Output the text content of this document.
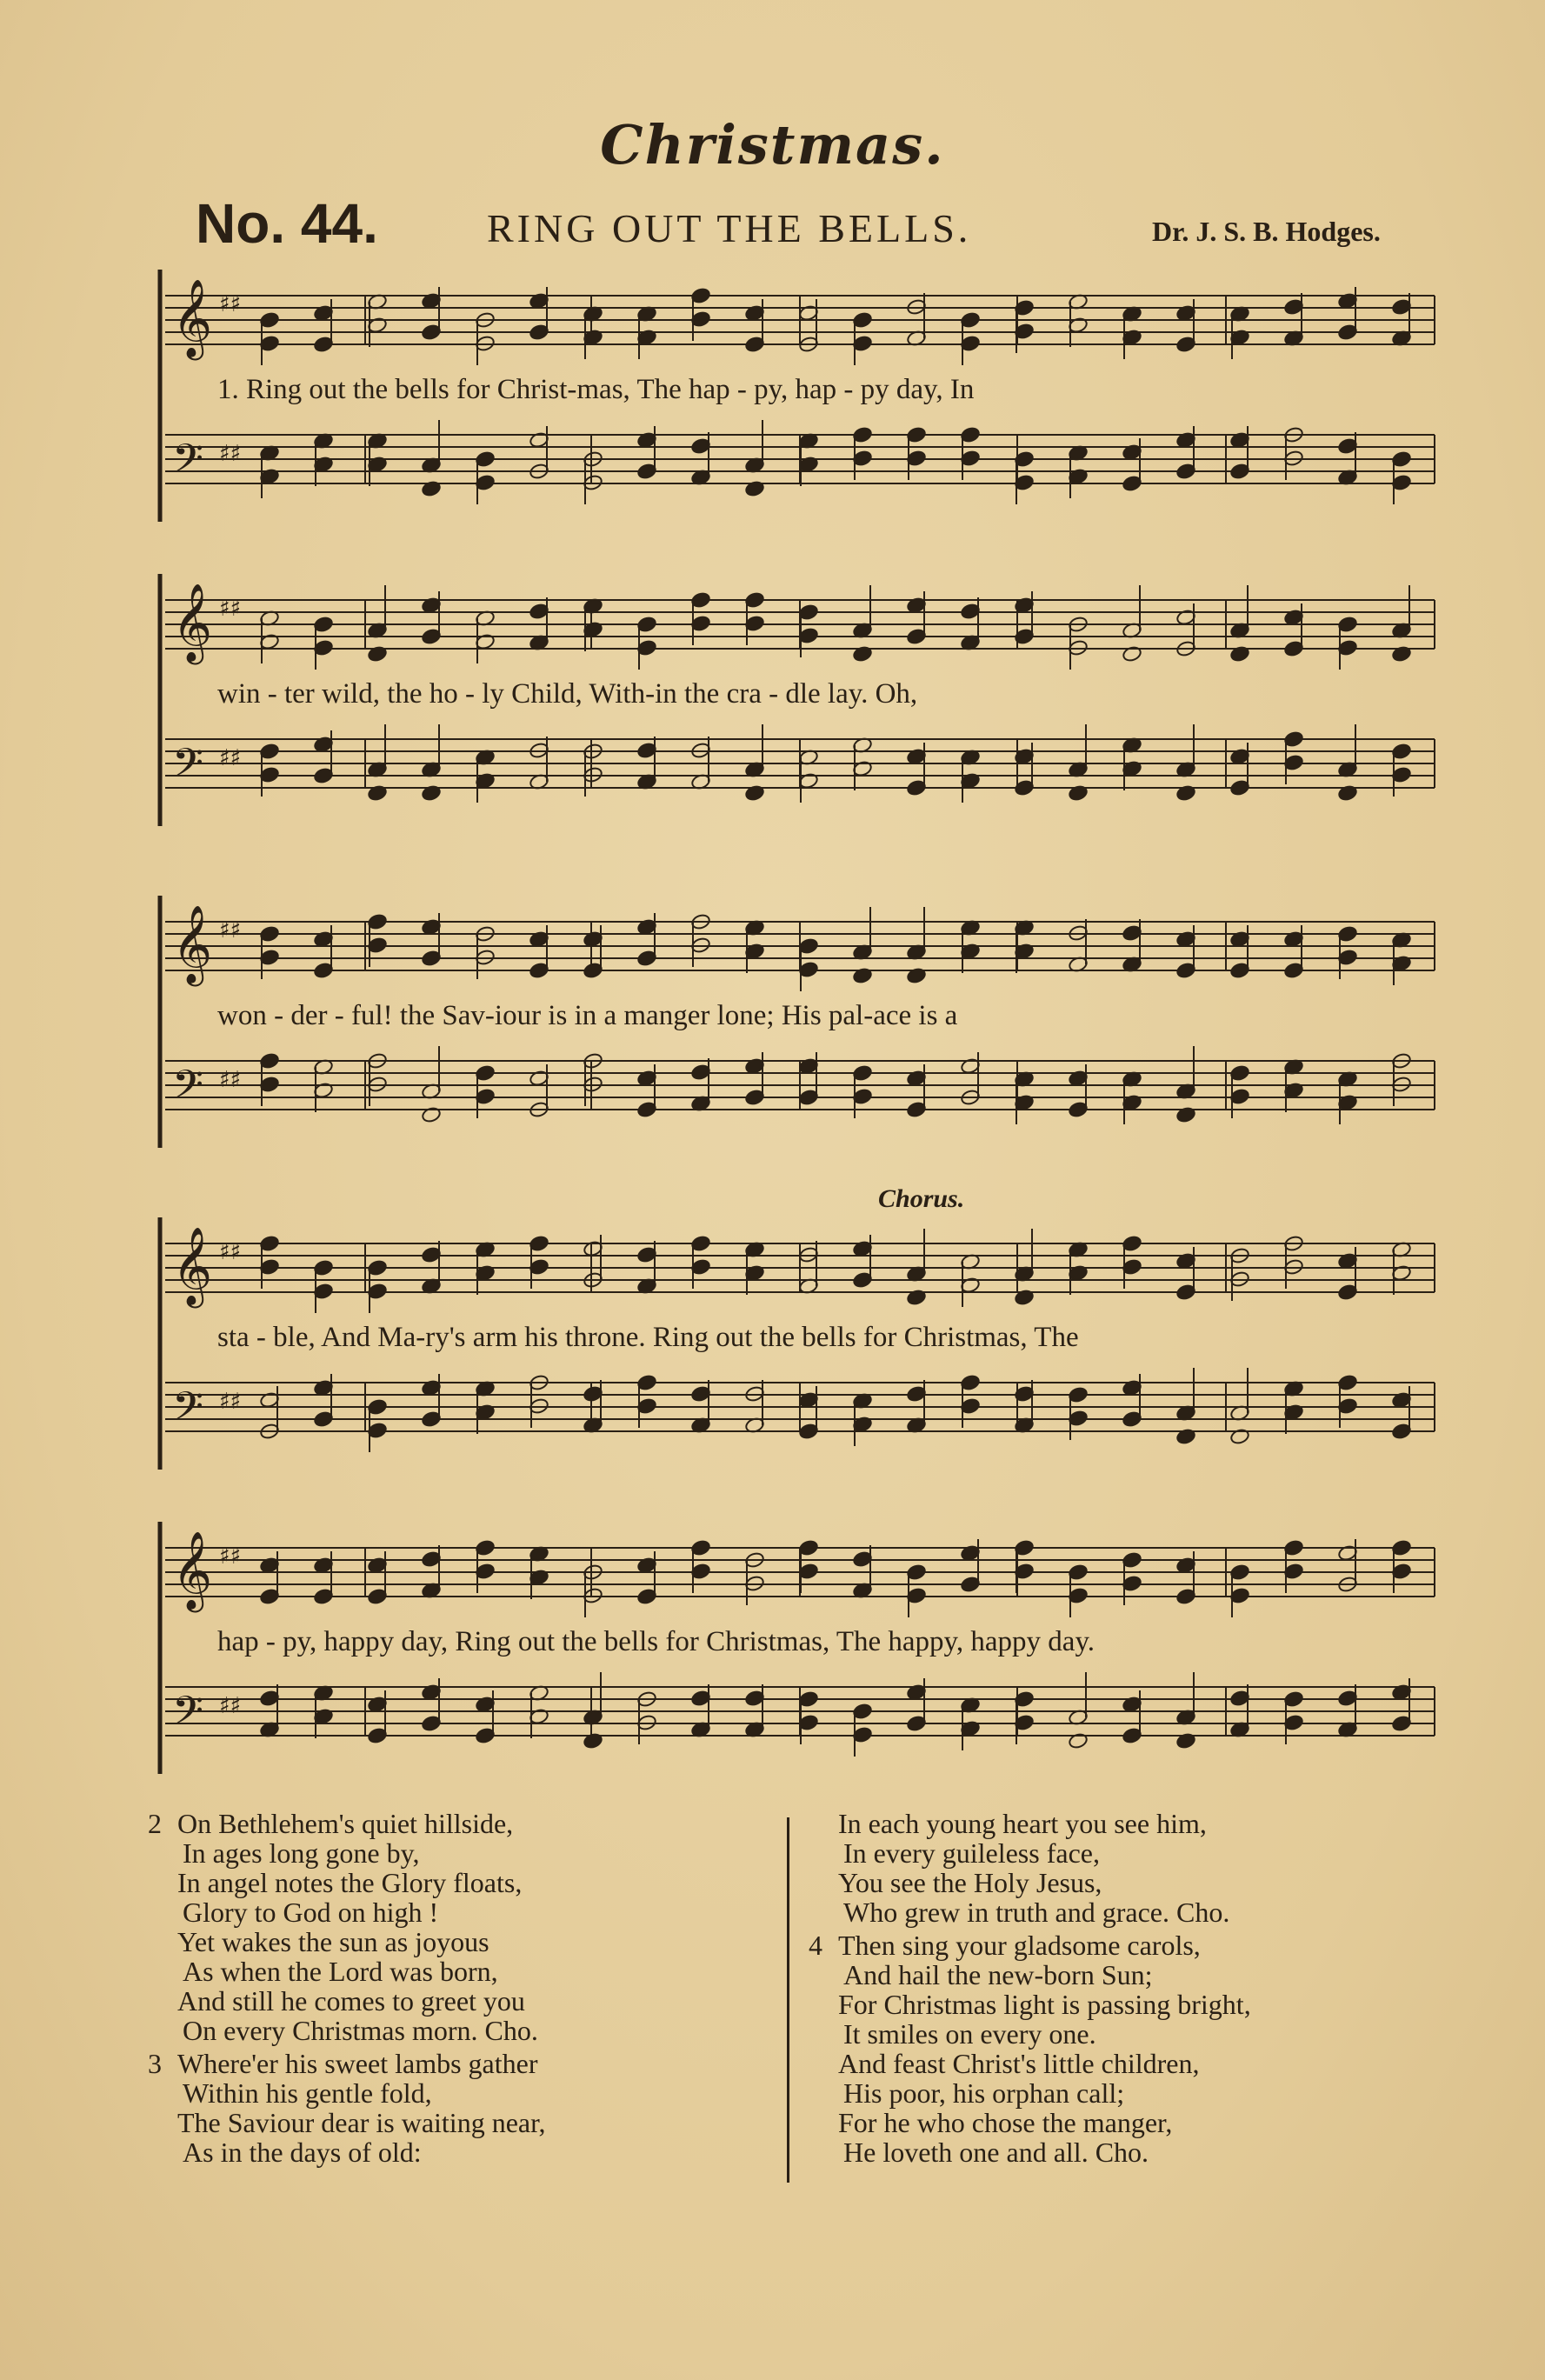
Christmas.
No. 44.	RING OUT THE BELLS.	Dr. J. S. B. Hodges.
𝄞 ♯♯
𝄢 ♯♯
1. Ring out the bells for Christ-mas, The hap - py, hap - py day, In
𝄞 ♯♯
𝄢 ♯♯
win - ter wild, the ho - ly Child, With-in the cra - dle lay. Oh,
𝄞 ♯♯
𝄢 ♯♯
won - der - ful! the Sav-iour is in a manger lone; His pal-ace is a
𝄞 ♯♯
𝄢 ♯♯
sta - ble, And Ma-ry's arm his throne. Ring out the bells for Christmas, The
Chorus.
𝄞 ♯♯
𝄢 ♯♯
hap - py, happy day, Ring out the bells for Christmas, The happy, happy day.
2 On Bethlehem's quiet hillside,
In ages long gone by,
In angel notes the Glory floats,
Glory to God on high !
Yet wakes the sun as joyous
As when the Lord was born,
And still he comes to greet you
On every Christmas morn. Cho.
3 Where'er his sweet lambs gather
Within his gentle fold,
The Saviour dear is waiting near,
As in the days of old:
In each young heart you see him,
In every guileless face,
You see the Holy Jesus,
Who grew in truth and grace. Cho.
4 Then sing your gladsome carols,
And hail the new-born Sun;
For Christmas light is passing bright,
It smiles on every one.
And feast Christ's little children,
His poor, his orphan call;
For he who chose the manger,
He loveth one and all. Cho.
